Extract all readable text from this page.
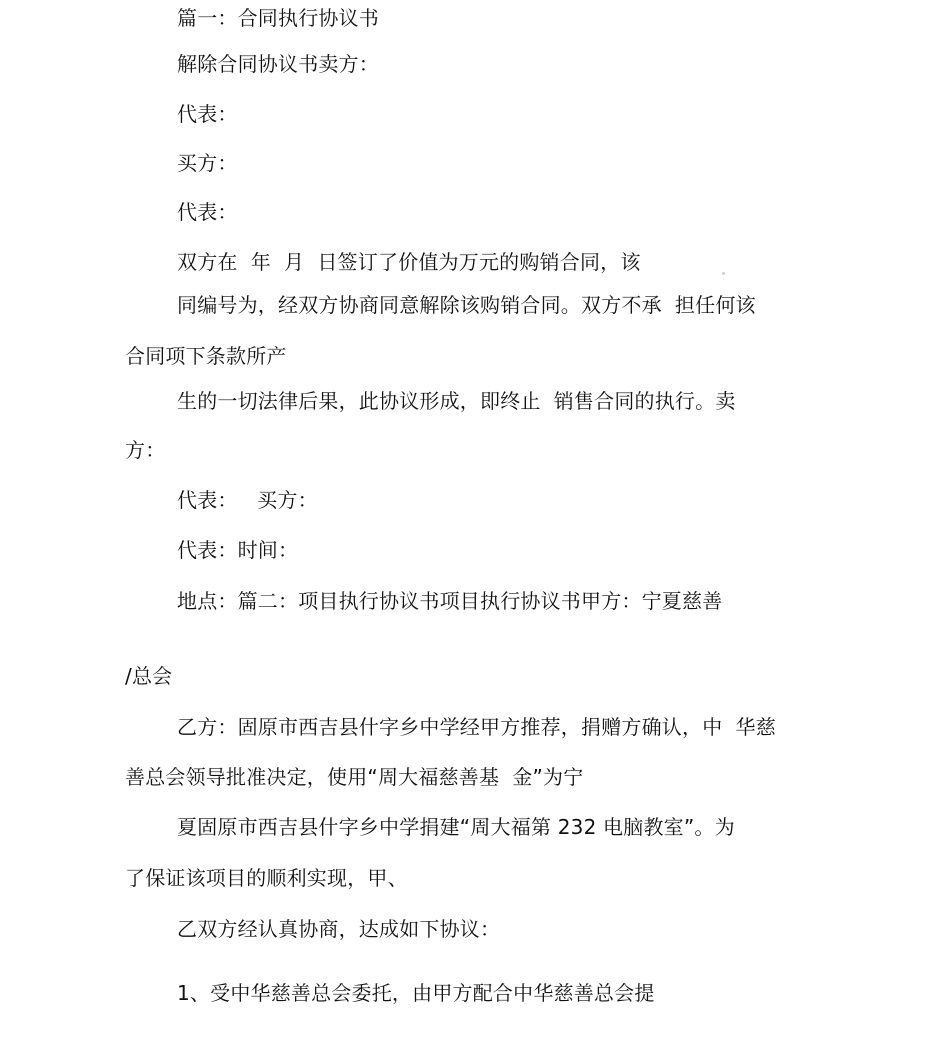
篇一：合同执行协议书
解除合同协议书卖方：
代表：
买方：
代表：
双方在  年  月  日签订了价值为万元的购销合同，该
同编号为，经双方协商同意解除该购销合同。双方不承  担任何该
合同项下条款所产
生的一切法律后果，此协议形成，即终止  销售合同的执行。卖
方：
代表：   买方：
代表：时间：
地点：篇二：项目执行协议书项目执行协议书甲方：宁夏慈善
/总会
乙方：固原市西吉县什字乡中学经甲方推荐，捐赠方确认，中  华慈
善总会领导批准决定，使用“周大福慈善基  金”为宁
夏固原市西吉县什字乡中学捐建“周大福第 232 电脑教室”。为
了保证该项目的顺利实现，甲、
乙双方经认真协商，达成如下协议：
1、受中华慈善总会委托，由甲方配合中华慈善总会提
